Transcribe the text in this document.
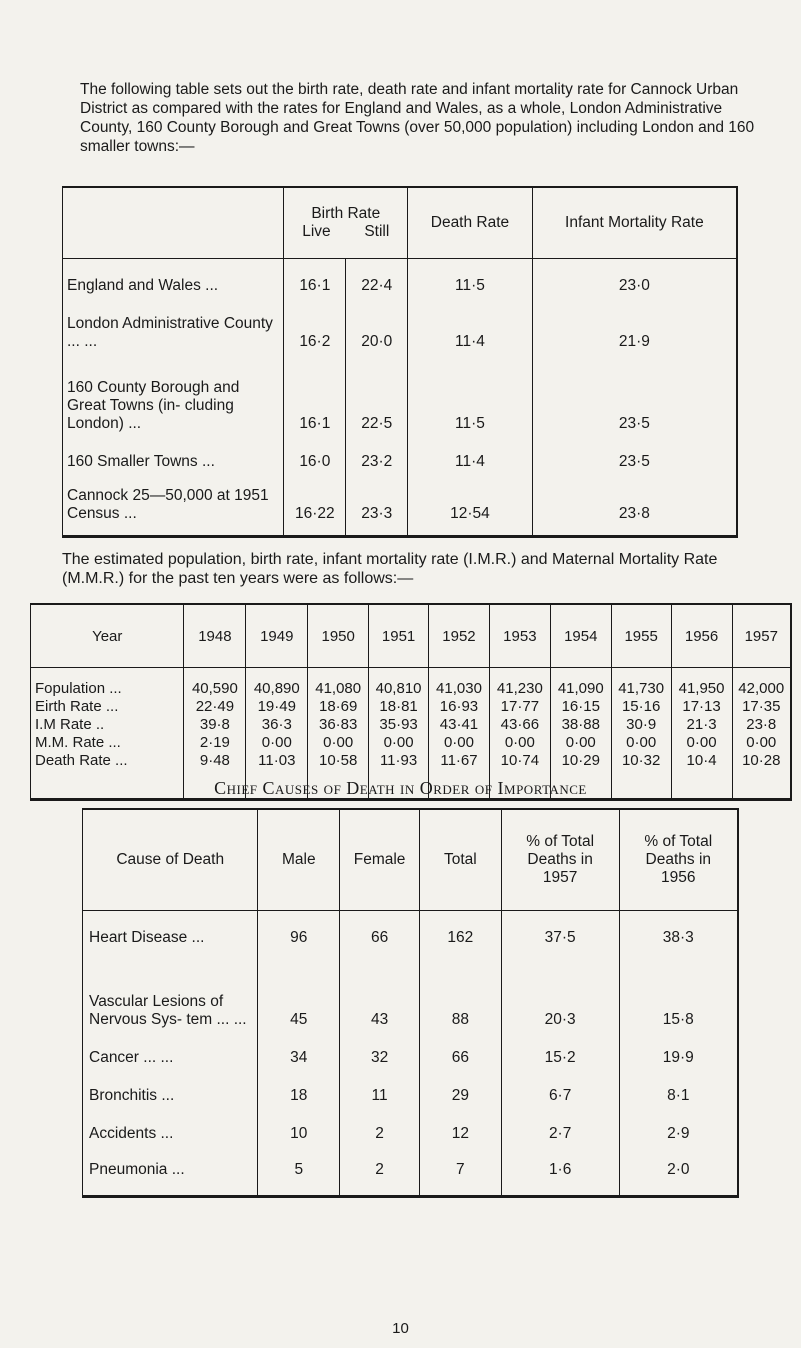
The following table sets out the birth rate, death rate and infant mortality rate for Cannock Urban District as compared with the rates for England and Wales, as a whole, London Administrative County, 160 County Borough and Great Towns (over 50,000 population) including London and 160 smaller towns:—

	Birth Rate
Live Still		Death Rate	Infant Mortality Rate

England and Wales ...	16·1	22·4	11·5	23·0
London Administrative County ... ...	16·2	20·0	11·4	21·9
160 County Borough and Great Towns (in- cluding London) ...	16·1	22·5	11·5	23·5
160 Smaller Towns ...	16·0	23·2	11·4	23·5
Cannock 25—50,000 at 1951 Census ...	16·22	23·3	12·54	23·8

The estimated population, birth rate, infant mortality rate (I.M.R.) and Maternal Mortality Rate (M.M.R.) for the past ten years were as follows:—

Year	1948	1949	1950	1951	1952	1953	1954	1955	1956	1957
Fopulation ...	40,590	40,890	41,080	40,810	41,030	41,230	41,090	41,730	41,950	42,000
Eirth Rate ...	22·49	19·49	18·69	18·81	16·93	17·77	16·15	15·16	17·13	17·35
I.M Rate ..	39·8	36·3	36·83	35·93	43·41	43·66	38·88	30·9	21·3	23·8
M.M. Rate ...	2·19	0·00	0·00	0·00	0·00	0·00	0·00	0·00	0·00	0·00
Death Rate ...	9·48	11·03	10·58	11·93	11·67	10·74	10·29	10·32	10·4	10·28
Chief Causes of Death in Order of Importance
Cause of Death	Male	Female	Total	% of Total Deaths in 1957	% of Total Deaths in 1956

Heart Disease ...	96	66	162	37·5	38·3
Vascular Lesions of Nervous Sys- tem ... ...	45	43	88	20·3	15·8
Cancer ... ...	34	32	66	15·2	19·9
Bronchitis ...	18	11	29	6·7	8·1
Accidents ...	10	2	12	2·7	2·9
Pneumonia ...	5	2	7	1·6	2·0
10
